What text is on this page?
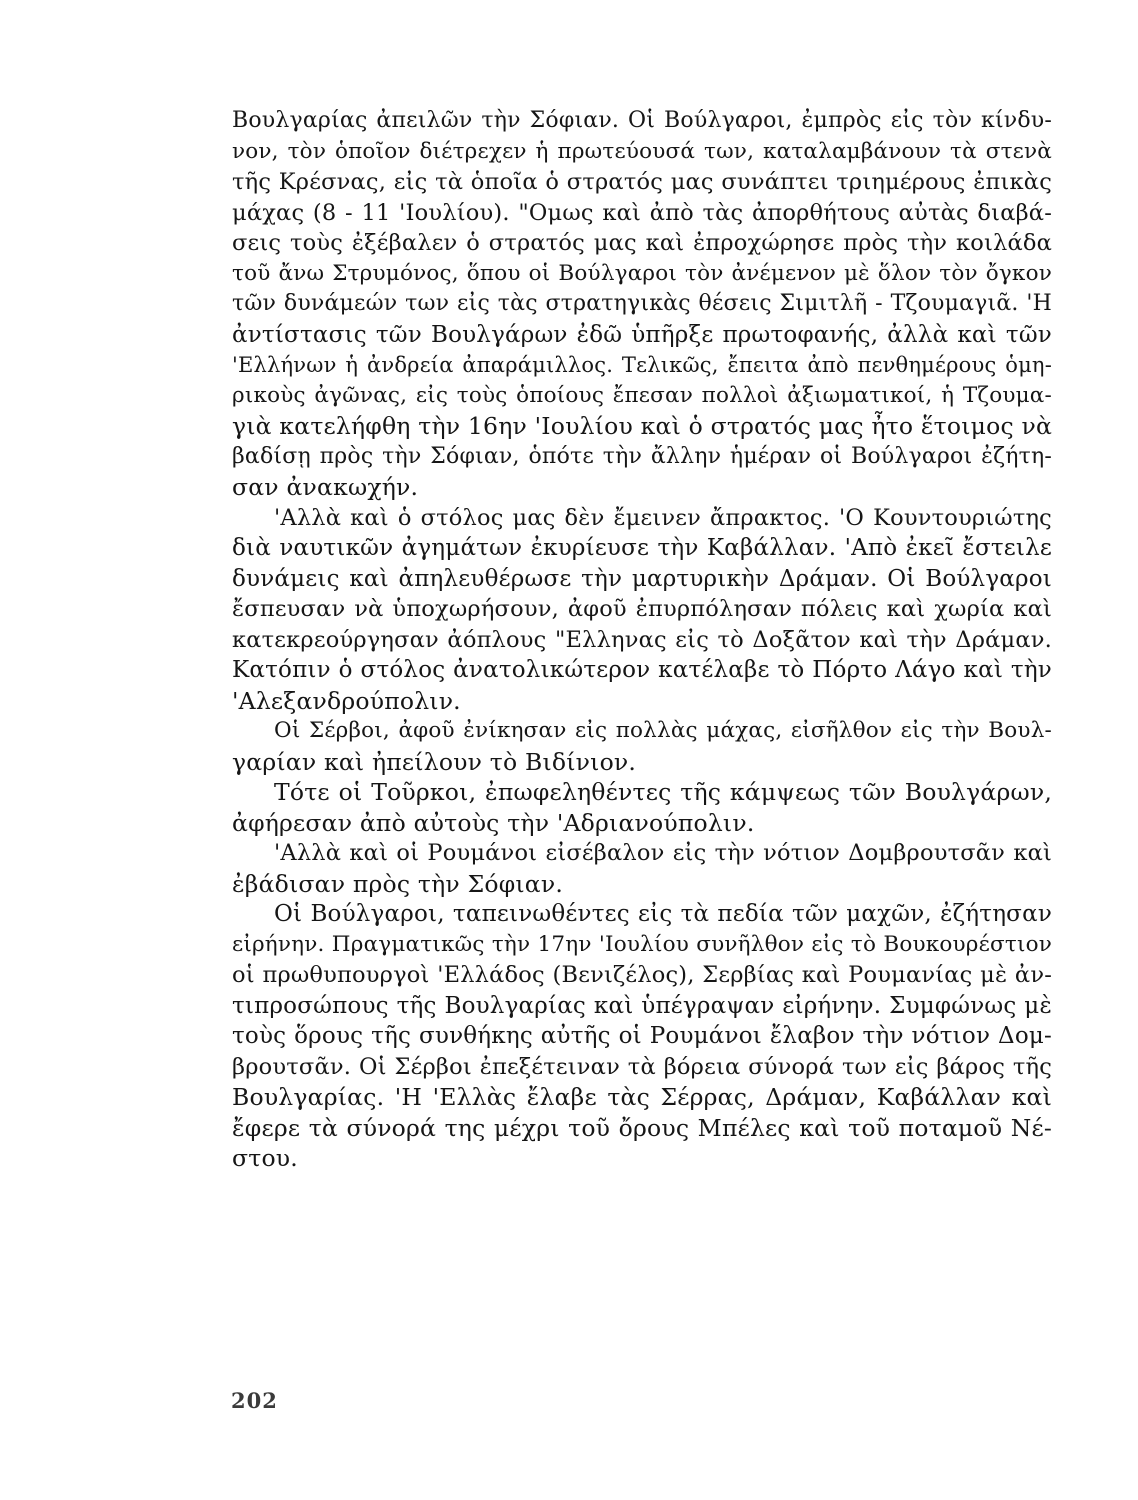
Βουλγαρίας ἀπειλῶν τὴν Σόφιαν. Οἱ Βούλγαροι, ἐμπρὸς εἰς τὸν κίνδυ-
νον, τὸν ὁποῖον διέτρεχεν ἡ πρωτεύουσά των, καταλαμβάνουν τὰ στενὰ
τῆς Κρέσνας, εἰς τὰ ὁποῖα ὁ στρατός μας συνάπτει τριημέρους ἐπικὰς
μάχας (8 - 11 'Ιουλίου). "Ομως καὶ ἀπὸ τὰς ἀπορθήτους αὐτὰς διαβά-
σεις τοὺς ἐξέβαλεν ὁ στρατός μας καὶ ἐπροχώρησε πρὸς τὴν κοιλάδα
τοῦ ἄνω Στρυμόνος, ὅπου οἱ Βούλγαροι τὸν ἀνέμενον μὲ ὅλον τὸν ὄγκον
τῶν δυνάμεών των εἰς τὰς στρατηγικὰς θέσεις Σιμιτλῆ - Τζουμαγιᾶ. 'Η
ἀντίστασις τῶν Βουλγάρων ἐδῶ ὑπῆρξε πρωτοφανής, ἀλλὰ καὶ τῶν
'Ελλήνων ἡ ἀνδρεία ἀπαράμιλλος. Τελικῶς, ἔπειτα ἀπὸ πενθημέρους ὁμη-
ρικοὺς ἀγῶνας, εἰς τοὺς ὁποίους ἔπεσαν πολλοὶ ἀξιωματικοί, ἡ Τζουμα-
γιὰ κατελήφθη τὴν 16ην 'Ιουλίου καὶ ὁ στρατός μας ἦτο ἕτοιμος νὰ
βαδίσῃ πρὸς τὴν Σόφιαν, ὁπότε τὴν ἄλλην ἡμέραν οἱ Βούλγαροι ἐζήτη-
σαν ἀνακωχήν.
'Αλλὰ καὶ ὁ στόλος μας δὲν ἔμεινεν ἄπρακτος. 'Ο Κουντουριώτης
διὰ ναυτικῶν ἀγημάτων ἐκυρίευσε τὴν Καβάλλαν. 'Απὸ ἐκεῖ ἔστειλε
δυνάμεις καὶ ἀπηλευθέρωσε τὴν μαρτυρικὴν Δράμαν. Οἱ Βούλγαροι
ἔσπευσαν νὰ ὑποχωρήσουν, ἀφοῦ ἐπυρπόλησαν πόλεις καὶ χωρία καὶ
κατεκρεούργησαν ἀόπλους "Ελληνας εἰς τὸ Δοξᾶτον καὶ τὴν Δράμαν.
Κατόπιν ὁ στόλος ἀνατολικώτερον κατέλαβε τὸ Πόρτο Λάγο καὶ τὴν
'Αλεξανδρούπολιν.
Οἱ Σέρβοι, ἀφοῦ ἐνίκησαν εἰς πολλὰς μάχας, εἰσῆλθον εἰς τὴν Βουλ-
γαρίαν καὶ ἠπείλουν τὸ Βιδίνιον.
Τότε οἱ Τοῦρκοι, ἐπωφεληθέντες τῆς κάμψεως τῶν Βουλγάρων,
ἀφήρεσαν ἀπὸ αὐτοὺς τὴν 'Αδριανούπολιν.
'Αλλὰ καὶ οἱ Ρουμάνοι εἰσέβαλον εἰς τὴν νότιον Δομβρουτσᾶν καὶ
ἐβάδισαν πρὸς τὴν Σόφιαν.
Οἱ Βούλγαροι, ταπεινωθέντες εἰς τὰ πεδία τῶν μαχῶν, ἐζήτησαν
εἰρήνην. Πραγματικῶς τὴν 17ην 'Ιουλίου συνῆλθον εἰς τὸ Βουκουρέστιον
οἱ πρωθυπουργοὶ 'Ελλάδος (Βενιζέλος), Σερβίας καὶ Ρουμανίας μὲ ἀν-
τιπροσώπους τῆς Βουλγαρίας καὶ ὑπέγραψαν εἰρήνην. Συμφώνως μὲ
τοὺς ὅρους τῆς συνθήκης αὐτῆς οἱ Ρουμάνοι ἔλαβον τὴν νότιον Δομ-
βρουτσᾶν. Οἱ Σέρβοι ἐπεξέτειναν τὰ βόρεια σύνορά των εἰς βάρος τῆς
Βουλγαρίας. 'Η 'Ελλὰς ἔλαβε τὰς Σέρρας, Δράμαν, Καβάλλαν καὶ
ἔφερε τὰ σύνορά της μέχρι τοῦ ὄρους Μπέλες καὶ τοῦ ποταμοῦ Νέ-
στου.
202
